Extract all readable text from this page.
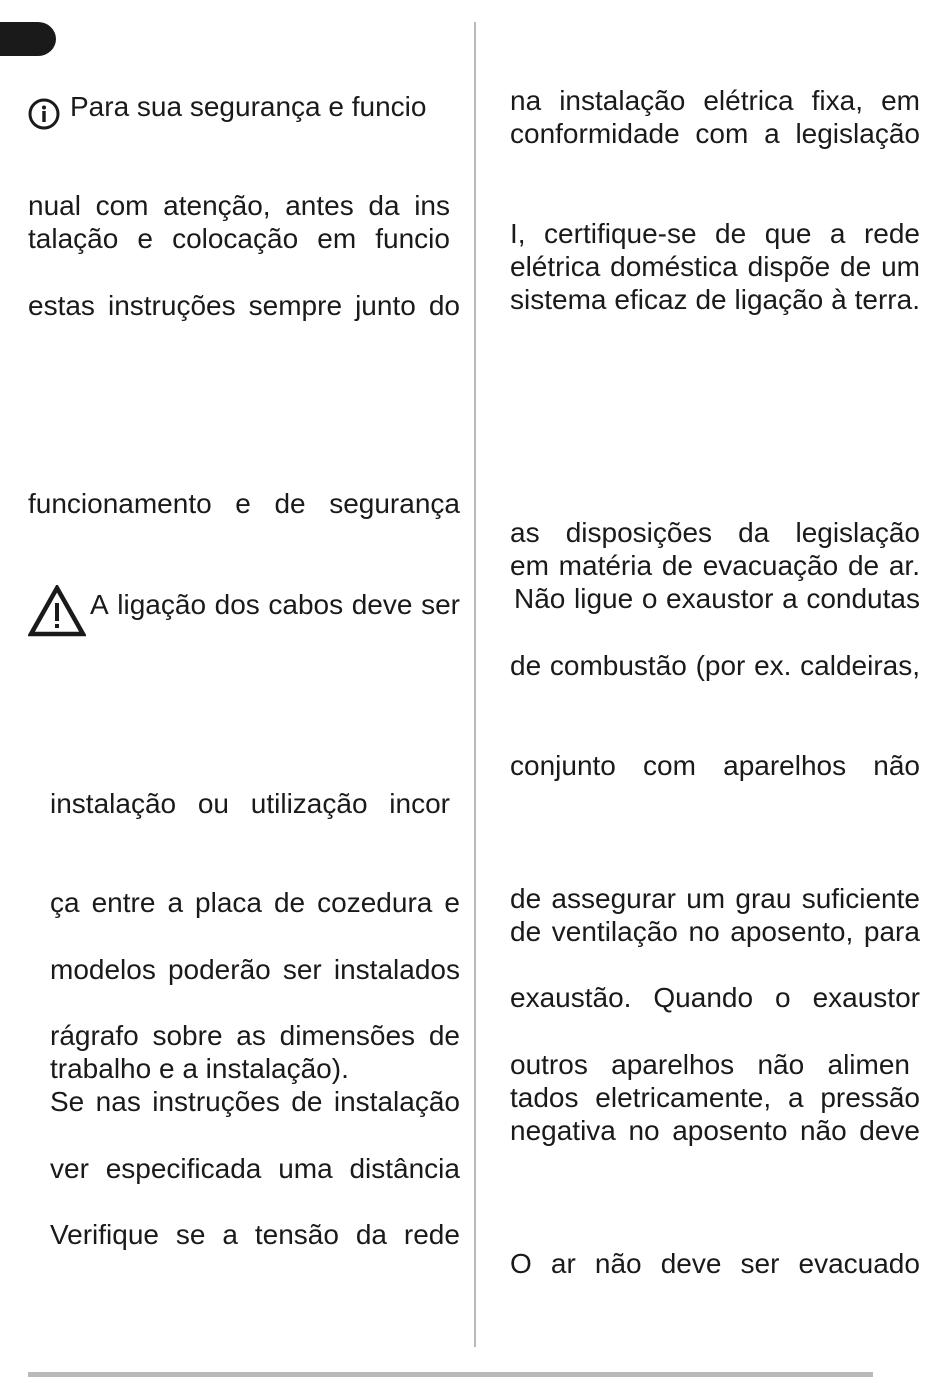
Para sua segurança e funcio
nual com atenção, antes da ins
talação e colocação em funcio
estas instruções sempre junto do
funcionamento e de segurança
A ligação dos cabos deve ser
instalação ou utilização incor
ça entre a placa de cozedura e
modelos poderão ser instalados
rágrafo sobre as dimensões de
trabalho e a instalação).
Se nas instruções de instalação
ver especificada uma distância
Verifique se a tensão da rede
na instalação elétrica fixa, em
conformidade com a legislação
I, certifique-se de que a rede
elétrica doméstica dispõe de um
sistema eficaz de ligação à terra.
as disposições da legislação
em matéria de evacuação de ar.
Não ligue o exaustor a condutas
de combustão (por ex. caldeiras,
conjunto com aparelhos não
de assegurar um grau suficiente
de ventilação no aposento, para
exaustão. Quando o exaustor
outros aparelhos não alimen
tados eletricamente, a pressão
negativa no aposento não deve
O ar não deve ser evacuado
